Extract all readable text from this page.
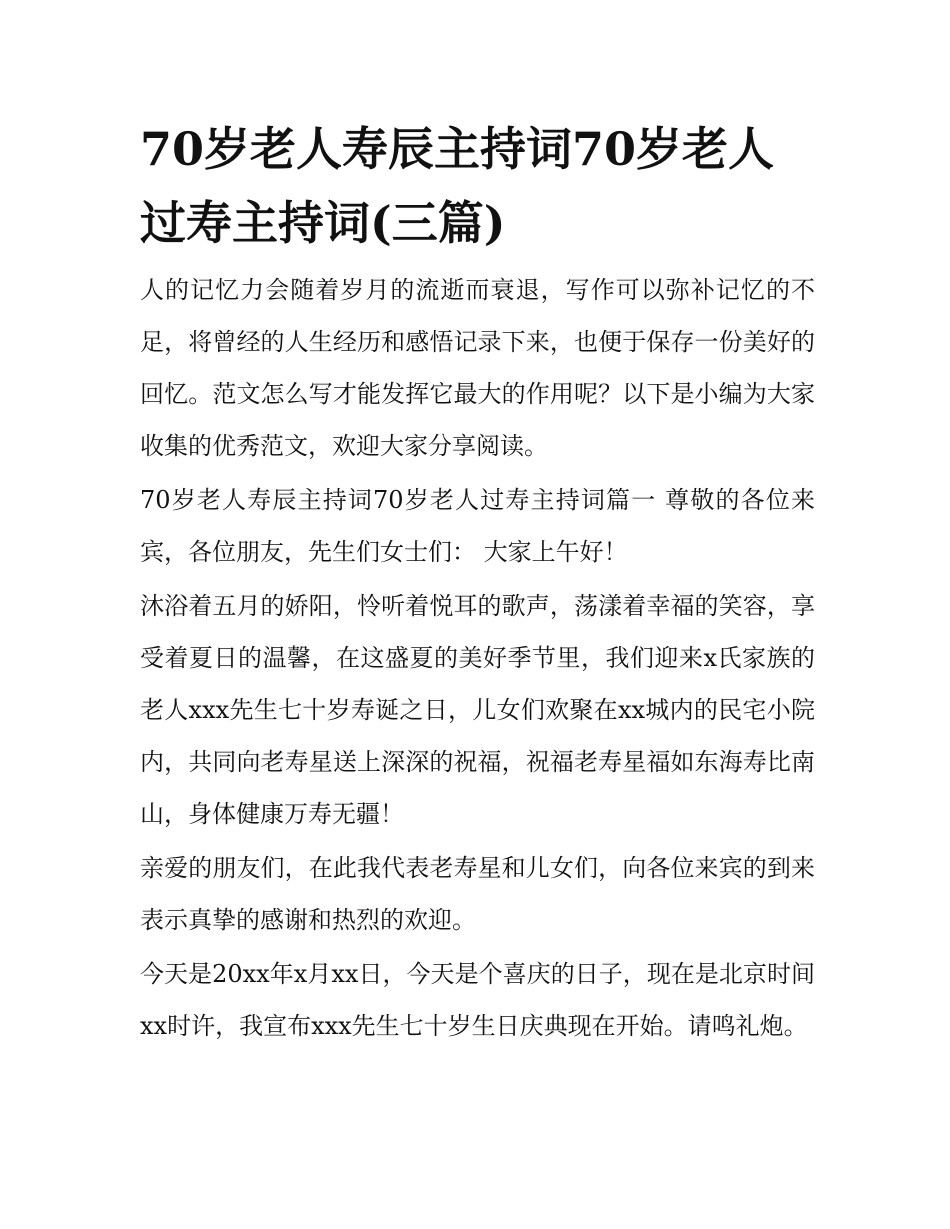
70岁老人寿辰主持词70岁老人过寿主持词(三篇)

人的记忆力会随着岁月的流逝而衰退，写作可以弥补记忆的不足，将曾经的人生经历和感悟记录下来，也便于保存一份美好的回忆。范文怎么写才能发挥它最大的作用呢？以下是小编为大家收集的优秀范文，欢迎大家分享阅读。

70岁老人寿辰主持词70岁老人过寿主持词篇一 尊敬的各位来宾，各位朋友，先生们女士们： 大家上午好！

沐浴着五月的娇阳，怜听着悦耳的歌声，荡漾着幸福的笑容，享受着夏日的温馨，在这盛夏的美好季节里，我们迎来x氏家族的老人xxx先生七十岁寿诞之日，儿女们欢聚在xx城内的民宅小院内，共同向老寿星送上深深的祝福，祝福老寿星福如东海寿比南山，身体健康万寿无疆！

亲爱的朋友们，在此我代表老寿星和儿女们，向各位来宾的到来表示真挚的感谢和热烈的欢迎。

今天是20xx年x月xx日，今天是个喜庆的日子，现在是北京时间xx时许，我宣布xxx先生七十岁生日庆典现在开始。请鸣礼炮。
